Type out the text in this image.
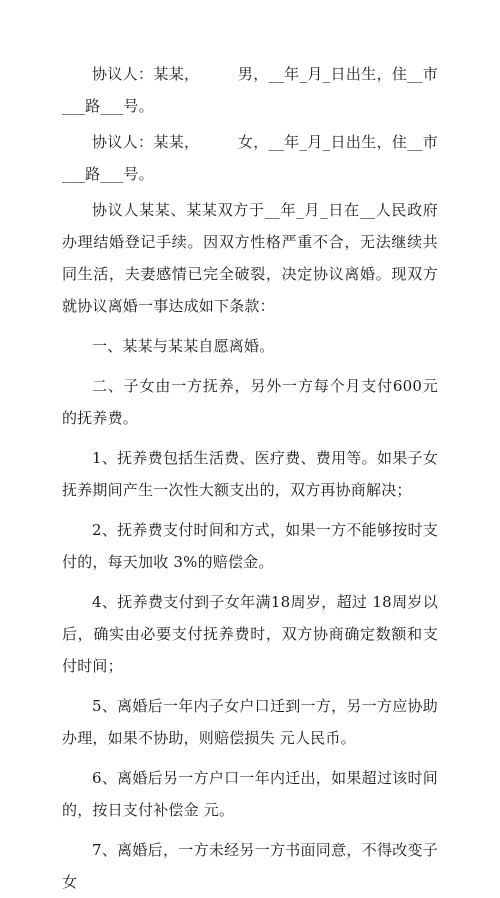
协议人：某某，　　　男，__年_月_日出生，住__市___路___号。

协议人：某某，　　　女，__年_月_日出生，住__市___路___号。

协议人某某、某某双方于__年_月_日在__人民政府办理结婚登记手续。因双方性格严重不合，无法继续共同生活，夫妻感情已完全破裂，决定协议离婚。现双方就协议离婚一事达成如下条款：

一、某某与某某自愿离婚。

二、子女由一方抚养，另外一方每个月支付600元的抚养费。

1、抚养费包括生活费、医疗费、费用等。如果子女抚养期间产生一次性大额支出的，双方再协商解决；

2、抚养费支付时间和方式，如果一方不能够按时支付的，每天加收 3%的赔偿金。

4、抚养费支付到子女年满18周岁，超过 18周岁以后，确实由必要支付抚养费时，双方协商确定数额和支付时间；

5、离婚后一年内子女户口迁到一方，另一方应协助办理，如果不协助，则赔偿损失 元人民币。

6、离婚后另一方户口一年内迁出，如果超过该时间的，按日支付补偿金 元。

7、离婚后，一方未经另一方书面同意，不得改变子女
